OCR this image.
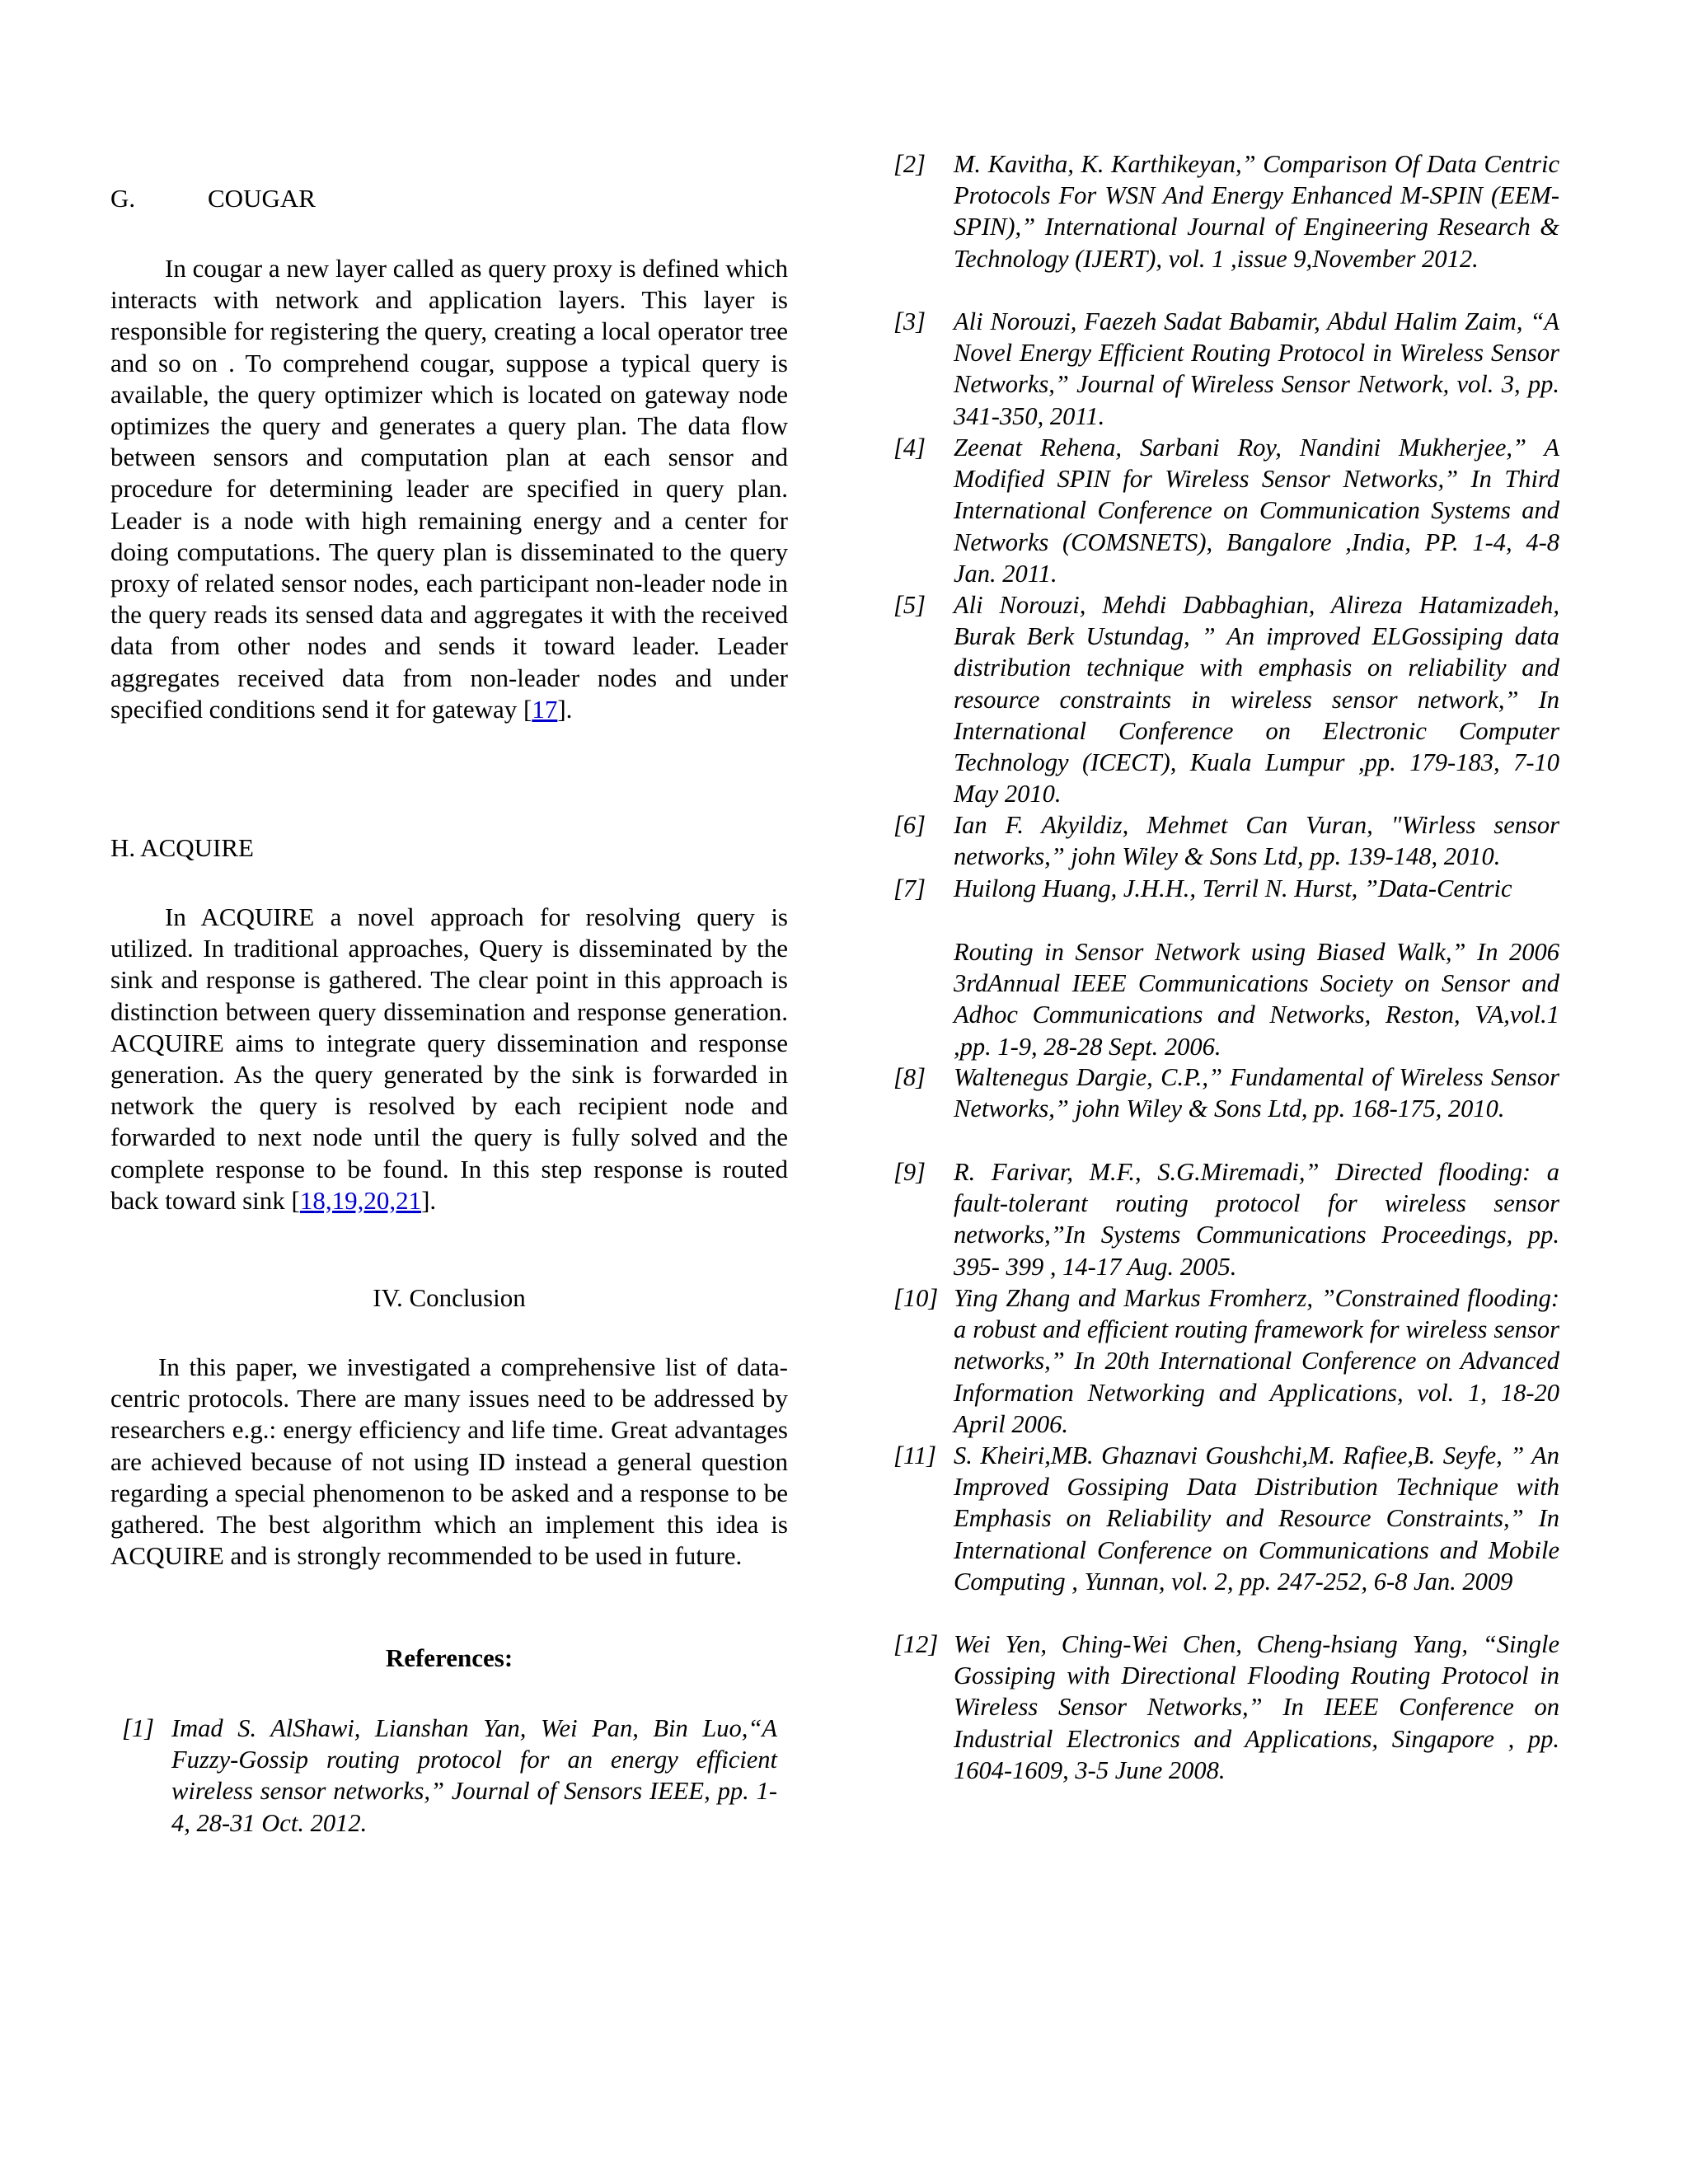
G.	COUGAR

In cougar a new layer called as query proxy is defined which interacts with network and application layers. This layer is responsible for registering the query, creating a local operator tree and so on . To comprehend cougar, suppose a typical query is available, the query optimizer which is located on gateway node optimizes the query and generates a query plan. The data flow between sensors and computation plan at each sensor and procedure for determining leader are specified in query plan. Leader is a node with high remaining energy and a center for doing computations. The query plan is disseminated to the query proxy of related sensor nodes, each participant non-leader node in the query reads its sensed data and aggregates it with the received data from other nodes and sends it toward leader. Leader aggregates received data from non-leader nodes and under specified conditions send it for gateway [17].

H. ACQUIRE

In ACQUIRE a novel approach for resolving query is utilized. In traditional approaches, Query is disseminated by the sink and response is gathered. The clear point in this approach is distinction between query dissemination and response generation. ACQUIRE aims to integrate query dissemination and response generation. As the query generated by the sink is forwarded in network the query is resolved by each recipient node and forwarded to next node until the query is fully solved and the complete response to be found. In this step response is routed back toward sink [18,19,20,21].

IV. Conclusion

In this paper, we investigated a comprehensive list of data-centric protocols. There are many issues need to be addressed by researchers e.g.: energy efficiency and life time. Great advantages are achieved because of not using ID instead a general question regarding a special phenomenon to be asked and a response to be gathered. The best algorithm which an implement this idea is ACQUIRE and is strongly recommended to be used in future.

References:
[1] Imad S. AlShawi, Lianshan Yan, Wei Pan, Bin Luo,“A Fuzzy-Gossip routing protocol for an energy efficient wireless sensor networks,” Journal of Sensors IEEE, pp. 1-4, 28-31 Oct. 2012.
[2] M. Kavitha, K. Karthikeyan,” Comparison Of Data Centric Protocols For WSN And Energy Enhanced M-SPIN (EEM-SPIN),” International Journal of Engineering Research & Technology (IJERT), vol. 1 ,issue 9,November 2012.
[3] Ali Norouzi, Faezeh Sadat Babamir, Abdul Halim Zaim, “A Novel Energy Efficient Routing Protocol in Wireless Sensor Networks,” Journal of Wireless Sensor Network, vol. 3, pp. 341-350, 2011.
[4] Zeenat Rehena, Sarbani Roy, Nandini Mukherjee,” A Modified SPIN for Wireless Sensor Networks,” In Third International Conference on Communication Systems and Networks (COMSNETS), Bangalore ,India, PP. 1-4, 4-8 Jan. 2011.
[5] Ali Norouzi, Mehdi Dabbaghian, Alireza Hatamizadeh, Burak Berk Ustundag, ” An improved ELGossiping data distribution technique with emphasis on reliability and resource constraints in wireless sensor network,” In International Conference on Electronic Computer Technology (ICECT), Kuala Lumpur ,pp. 179-183, 7-10 May 2010.
[6] Ian F. Akyildiz, Mehmet Can Vuran, "Wirless sensor networks,” john Wiley & Sons Ltd, pp. 139-148, 2010.
[7] Huilong Huang, J.H.H., Terril N. Hurst, ”Data-Centric
Routing in Sensor Network using Biased Walk,” In 2006 3rdAnnual IEEE Communications Society on Sensor and Adhoc Communications and Networks, Reston, VA,vol.1 ,pp. 1-9, 28-28 Sept. 2006.
[8] Waltenegus Dargie, C.P.,” Fundamental of Wireless Sensor Networks,” john Wiley & Sons Ltd, pp. 168-175, 2010.
[9] R. Farivar, M.F., S.G.Miremadi,” Directed flooding: a fault-tolerant routing protocol for wireless sensor networks,”In Systems Communications Proceedings, pp. 395- 399 , 14-17 Aug. 2005.
[10] Ying Zhang and Markus Fromherz, ”Constrained flooding: a robust and efficient routing framework for wireless sensor networks,” In 20th International Conference on Advanced Information Networking and Applications, vol. 1, 18-20 April 2006.
[11] S. Kheiri,MB. Ghaznavi Goushchi,M. Rafiee,B. Seyfe, ” An Improved Gossiping Data Distribution Technique with Emphasis on Reliability and Resource Constraints,” In International Conference on Communications and Mobile Computing , Yunnan, vol. 2, pp. 247-252, 6-8 Jan. 2009
[12] Wei Yen, Ching-Wei Chen, Cheng-hsiang Yang, “Single Gossiping with Directional Flooding Routing Protocol in Wireless Sensor Networks,” In IEEE Conference on Industrial Electronics and Applications, Singapore , pp. 1604-1609, 3-5 June 2008.
